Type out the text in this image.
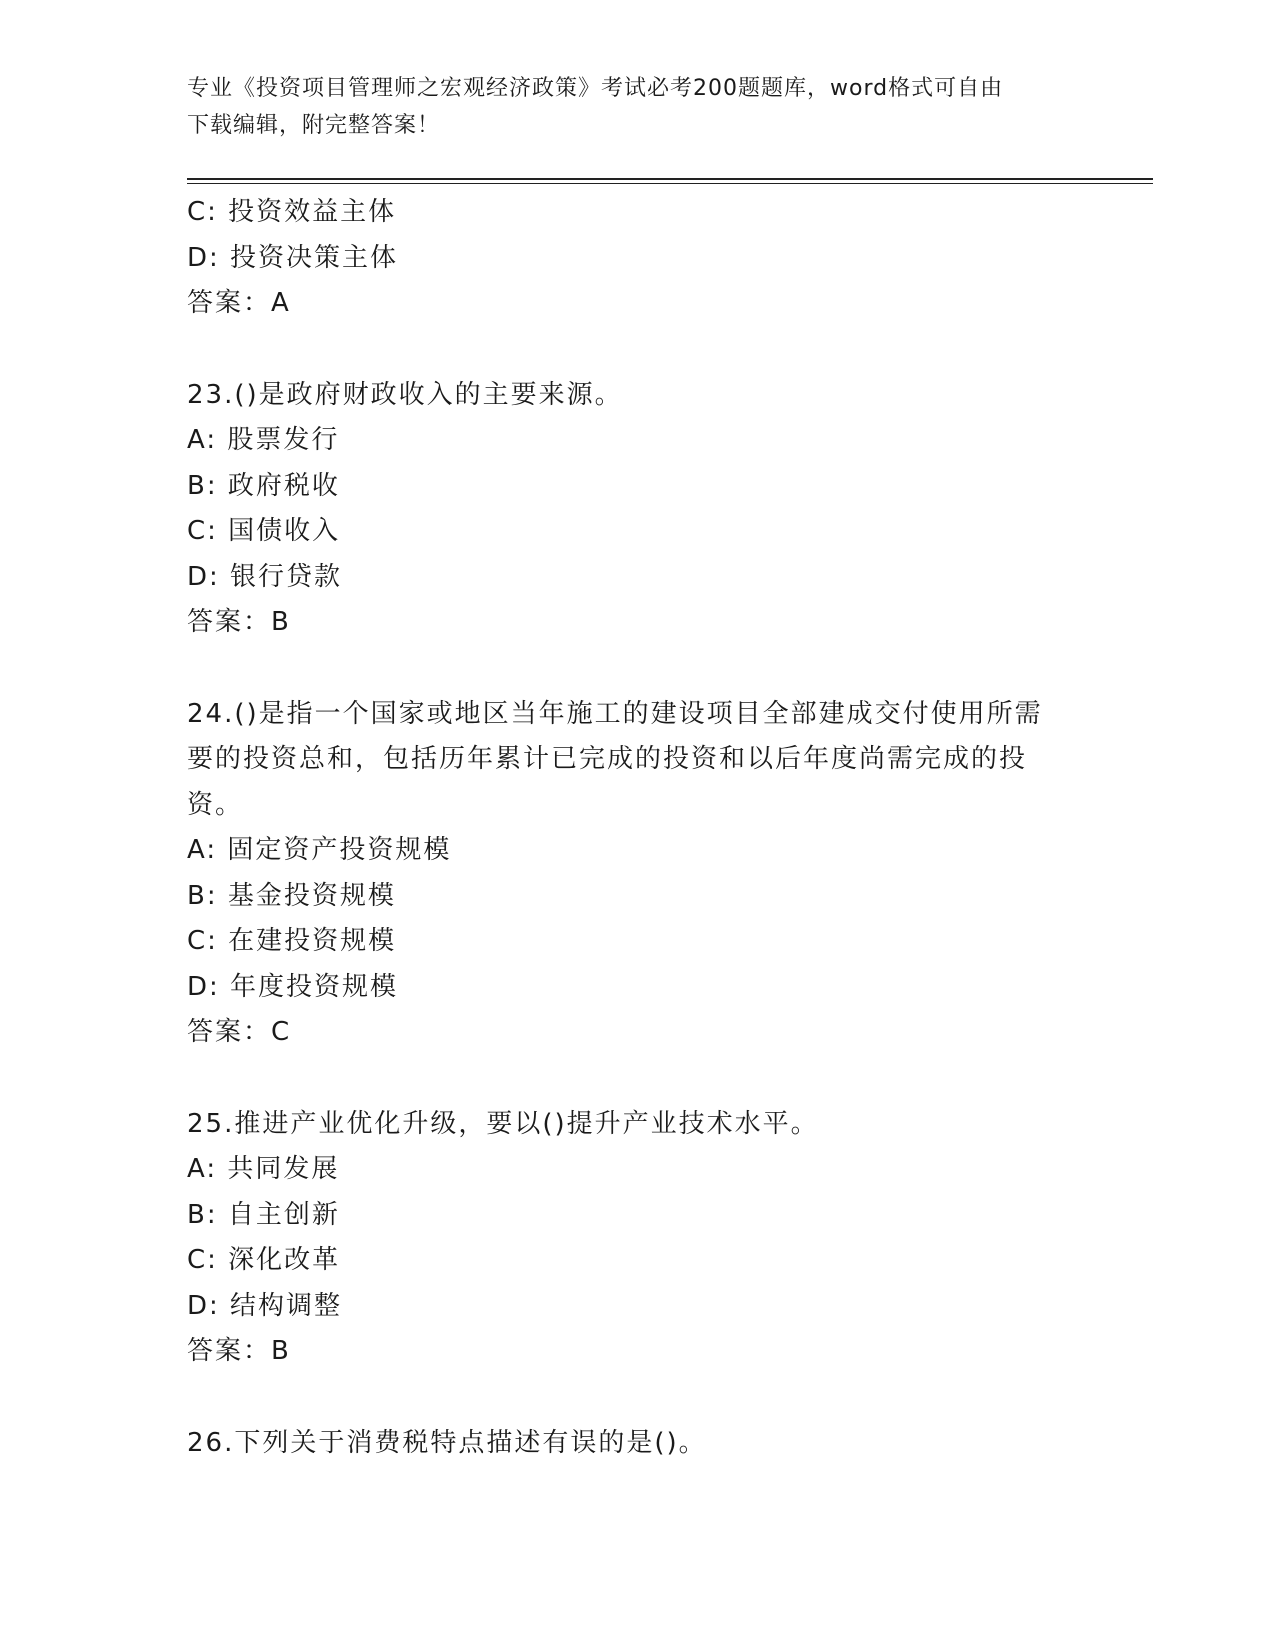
专业《投资项目管理师之宏观经济政策》考试必考200题题库，word格式可自由
下载编辑，附完整答案！
C: 投资效益主体
D: 投资决策主体
答案：A
23.()是政府财政收入的主要来源。
A: 股票发行
B: 政府税收
C: 国债收入
D: 银行贷款
答案：B
24.()是指一个国家或地区当年施工的建设项目全部建成交付使用所需
要的投资总和，包括历年累计已完成的投资和以后年度尚需完成的投
资。
A: 固定资产投资规模
B: 基金投资规模
C: 在建投资规模
D: 年度投资规模
答案：C
25.推进产业优化升级，要以()提升产业技术水平。
A: 共同发展
B: 自主创新
C: 深化改革
D: 结构调整
答案：B
26.下列关于消费税特点描述有误的是()。
